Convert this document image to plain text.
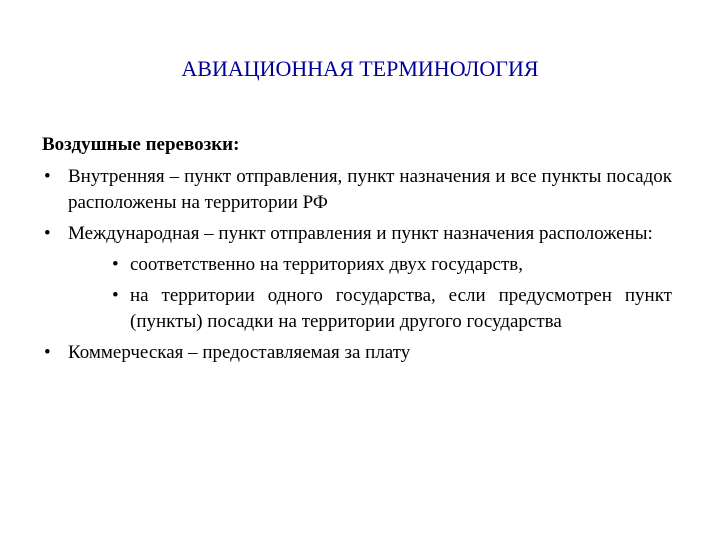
АВИАЦИОННАЯ ТЕРМИНОЛОГИЯ
Воздушные перевозки:
• Внутренняя – пункт отправления, пункт назначения и все пункты посадок расположены на территории РФ
• Международная – пункт отправления и пункт назначения расположены:
• соответственно на территориях двух государств,
• на территории одного государства, если предусмотрен пункт (пункты) посадки на территории другого государства
• Коммерческая – предоставляемая за плату
